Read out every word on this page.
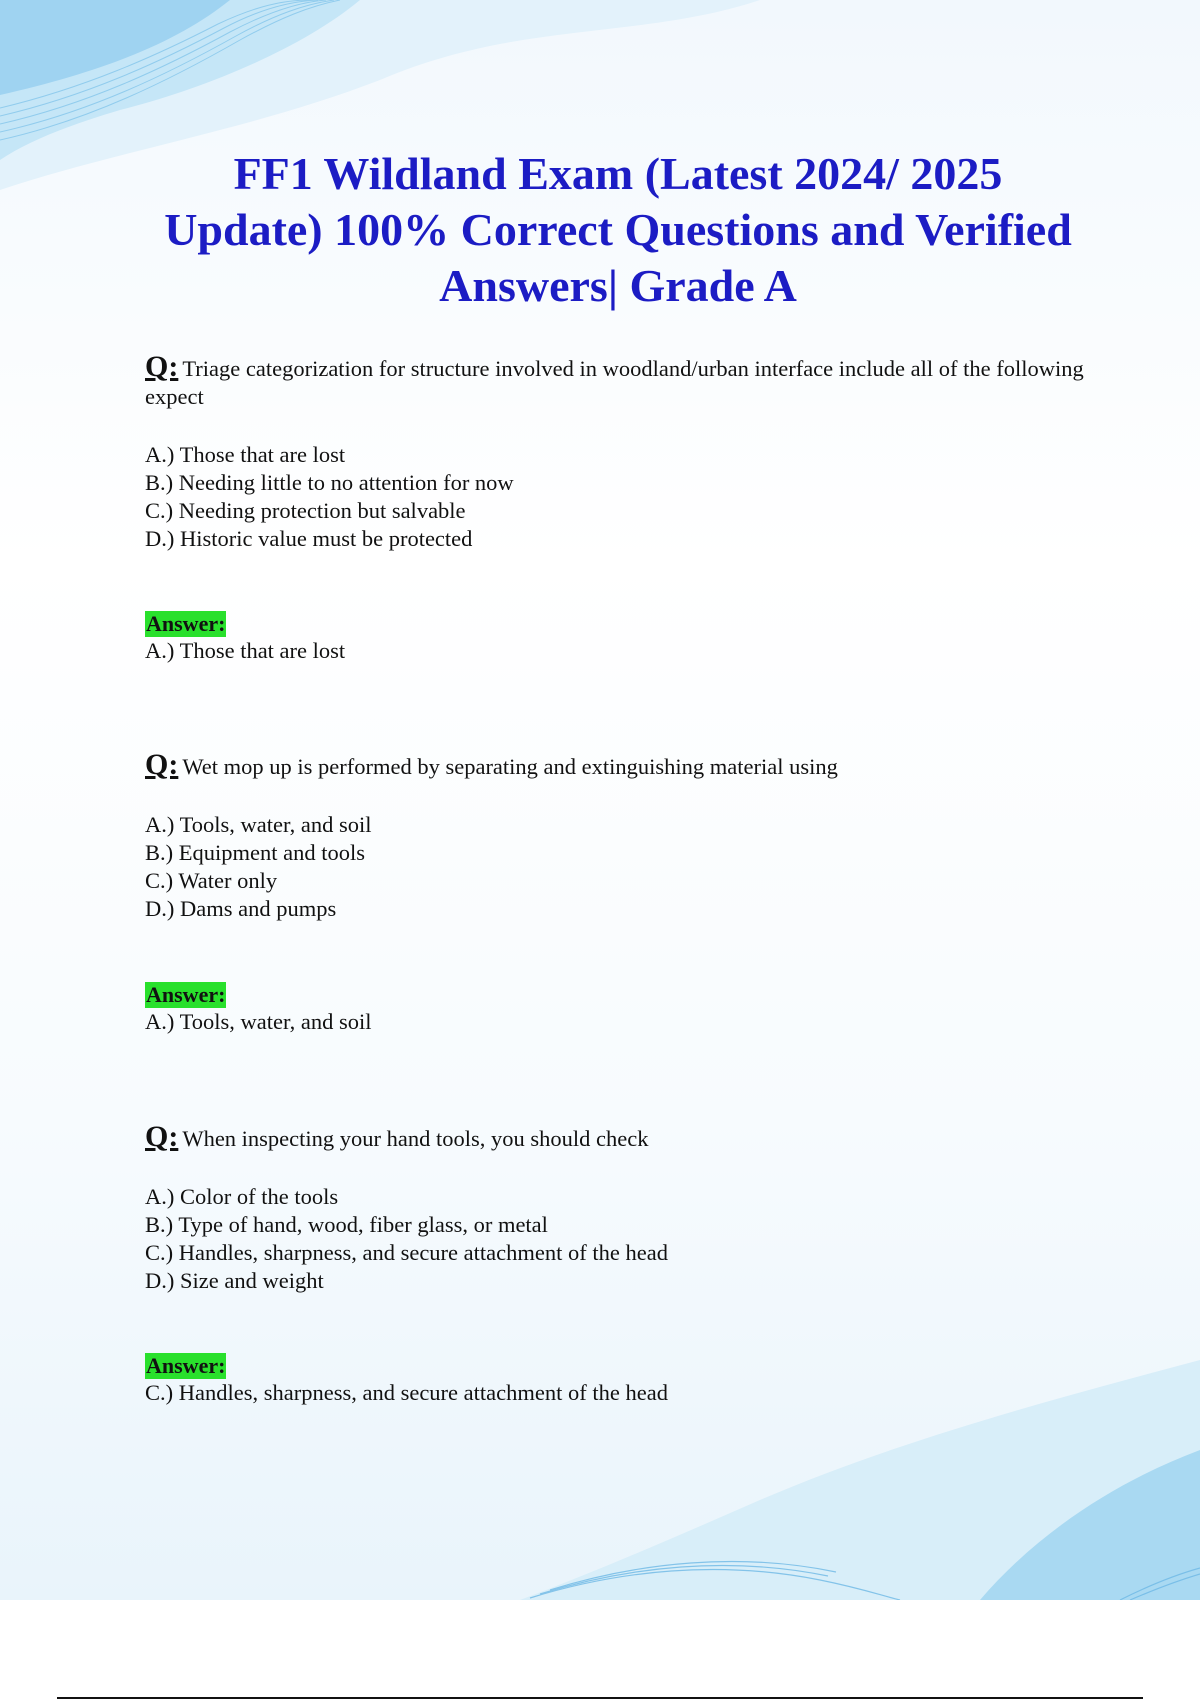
FF1 Wildland Exam (Latest 2024/ 2025 Update) 100% Correct Questions and Verified Answers| Grade A

Q: Triage categorization for structure involved in woodland/urban interface include all of the following expect

A.) Those that are lost
B.) Needing little to no attention for now
C.) Needing protection but salvable
D.) Historic value must be protected
Answer:

A.) Those that are lost

Q: Wet mop up is performed by separating and extinguishing material using

A.) Tools, water, and soil
B.) Equipment and tools
C.) Water only
D.) Dams and pumps
Answer:

A.) Tools, water, and soil

Q: When inspecting your hand tools, you should check

A.) Color of the tools
B.) Type of hand, wood, fiber glass, or metal
C.) Handles, sharpness, and secure attachment of the head
D.) Size and weight
Answer:

C.) Handles, sharpness, and secure attachment of the head
